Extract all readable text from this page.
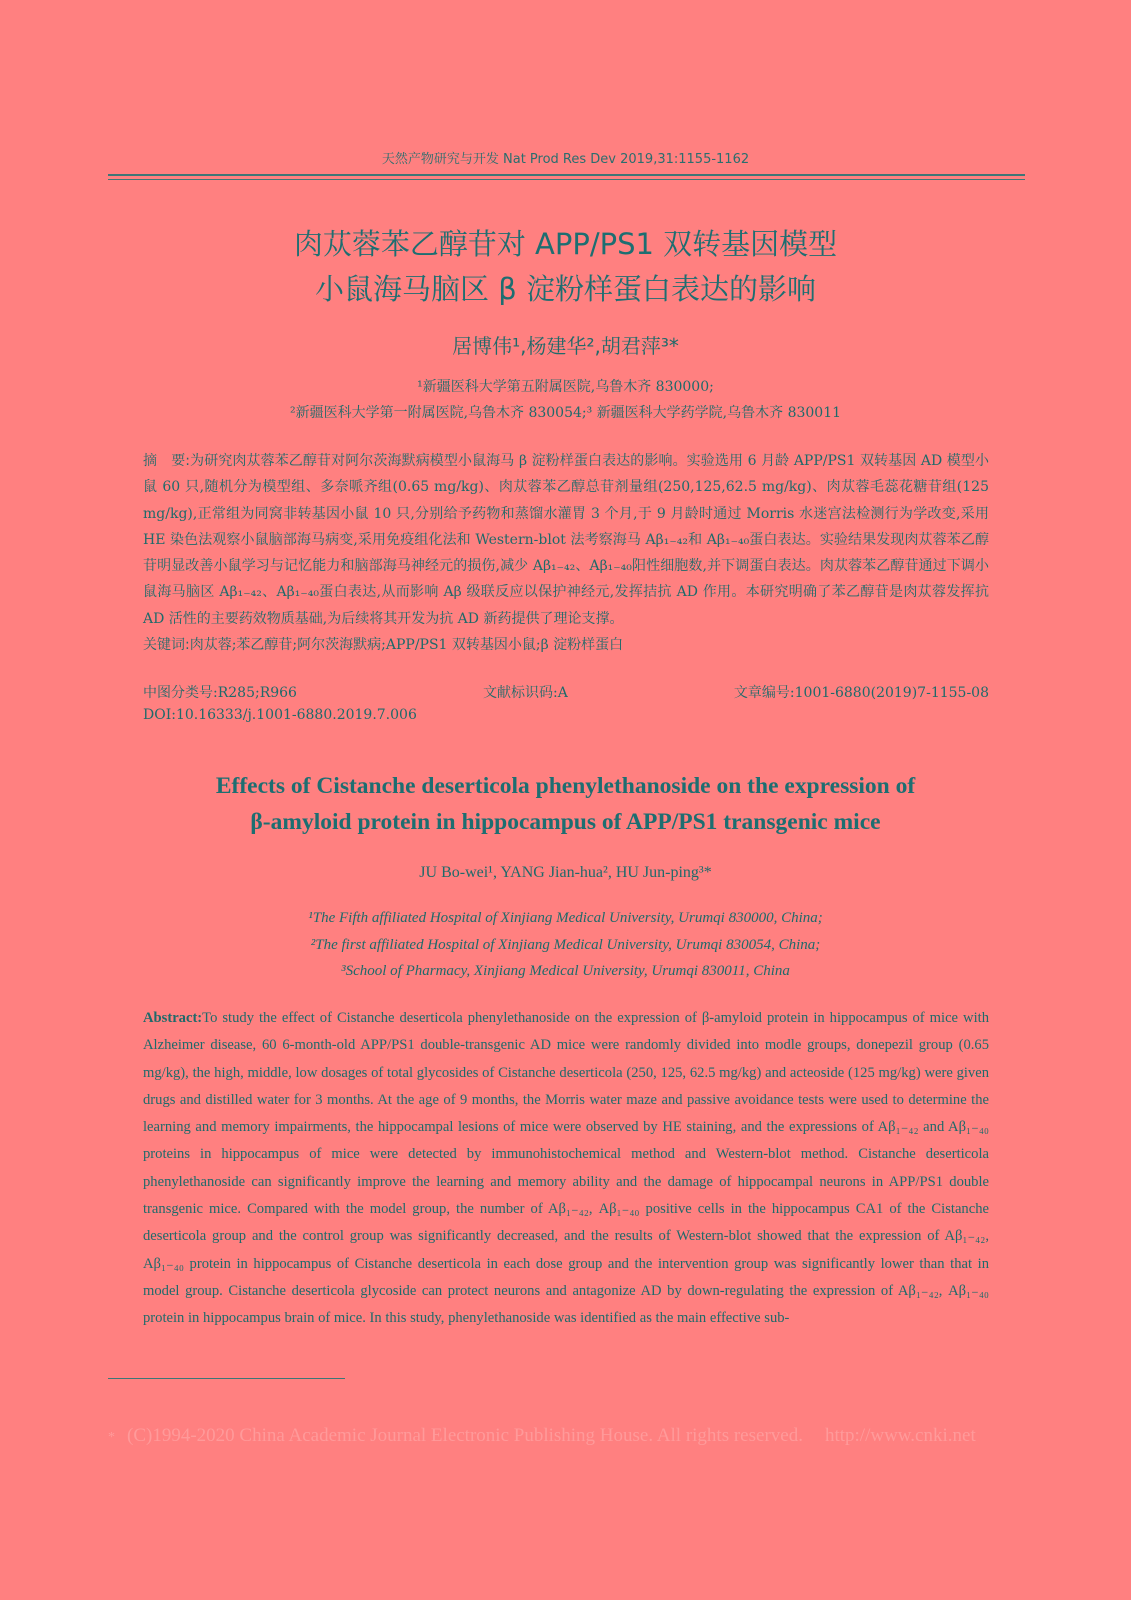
天然产物研究与开发 Nat Prod Res Dev 2019,31:1155-1162
肉苁蓉苯乙醇苷对 APP/PS1 双转基因模型
小鼠海马脑区 β 淀粉样蛋白表达的影响
居博伟¹,杨建华²,胡君萍³*
¹新疆医科大学第五附属医院,乌鲁木齐 830000;
²新疆医科大学第一附属医院,乌鲁木齐 830054;³ 新疆医科大学药学院,乌鲁木齐 830011
摘　要:为研究肉苁蓉苯乙醇苷对阿尔茨海默病模型小鼠海马 β 淀粉样蛋白表达的影响。实验选用 6 月龄 APP/PS1 双转基因 AD 模型小鼠 60 只,随机分为模型组、多奈哌齐组(0.65 mg/kg)、肉苁蓉苯乙醇总苷剂量组(250,125,62.5 mg/kg)、肉苁蓉毛蕊花糖苷组(125 mg/kg),正常组为同窝非转基因小鼠 10 只,分别给予药物和蒸馏水灌胃 3 个月,于 9 月龄时通过 Morris 水迷宫法检测行为学改变,采用 HE 染色法观察小鼠脑部海马病变,采用免疫组化法和 Western-blot 法考察海马 Aβ₁₋₄₂和 Aβ₁₋₄₀蛋白表达。实验结果发现肉苁蓉苯乙醇苷明显改善小鼠学习与记忆能力和脑部海马神经元的损伤,减少 Aβ₁₋₄₂、Aβ₁₋₄₀阳性细胞数,并下调蛋白表达。肉苁蓉苯乙醇苷通过下调小鼠海马脑区 Aβ₁₋₄₂、Aβ₁₋₄₀蛋白表达,从而影响 Aβ 级联反应以保护神经元,发挥拮抗 AD 作用。本研究明确了苯乙醇苷是肉苁蓉发挥抗 AD 活性的主要药效物质基础,为后续将其开发为抗 AD 新药提供了理论支撑。
关键词:肉苁蓉;苯乙醇苷;阿尔茨海默病;APP/PS1 双转基因小鼠;β 淀粉样蛋白
中图分类号:R285;R966	文献标识码:A	文章编号:1001-6880(2019)7-1155-08
DOI:10.16333/j.1001-6880.2019.7.006
Effects of Cistanche deserticola phenylethanoside on the expression of
β-amyloid protein in hippocampus of APP/PS1 transgenic mice
JU Bo-wei¹, YANG Jian-hua², HU Jun-ping³*
¹The Fifth affiliated Hospital of Xinjiang Medical University, Urumqi 830000, China;
²The first affiliated Hospital of Xinjiang Medical University, Urumqi 830054, China;
³School of Pharmacy, Xinjiang Medical University, Urumqi 830011, China
Abstract:To study the effect of Cistanche deserticola phenylethanoside on the expression of β-amyloid protein in hippocampus of mice with Alzheimer disease, 60 6-month-old APP/PS1 double-transgenic AD mice were randomly divided into modle groups, donepezil group (0.65 mg/kg), the high, middle, low dosages of total glycosides of Cistanche deserticola (250, 125, 62.5 mg/kg) and acteoside (125 mg/kg) were given drugs and distilled water for 3 months. At the age of 9 months, the Morris water maze and passive avoidance tests were used to determine the learning and memory impairments, the hippocampal lesions of mice were observed by HE staining, and the expressions of Aβ₁₋₄₂ and Aβ₁₋₄₀ proteins in hippocampus of mice were detected by immunohistochemical method and Western-blot method. Cistanche deserticola phenylethanoside can significantly improve the learning and memory ability and the damage of hippocampal neurons in APP/PS1 double transgenic mice. Compared with the model group, the number of Aβ₁₋₄₂, Aβ₁₋₄₀ positive cells in the hippocampus CA1 of the Cistanche deserticola group and the control group was significantly decreased, and the results of Western-blot showed that the expression of Aβ₁₋₄₂, Aβ₁₋₄₀ protein in hippocampus of Cistanche deserticola in each dose group and the intervention group was significantly lower than that in model group. Cistanche deserticola glycoside can protect neurons and antagonize AD by down-regulating the expression of Aβ₁₋₄₂, Aβ₁₋₄₀ protein in hippocampus brain of mice. In this study, phenylethanoside was identified as the main effective sub-
* (C)1994-2020 China Academic Journal Electronic Publishing House. All rights reserved. http://www.cnki.net
